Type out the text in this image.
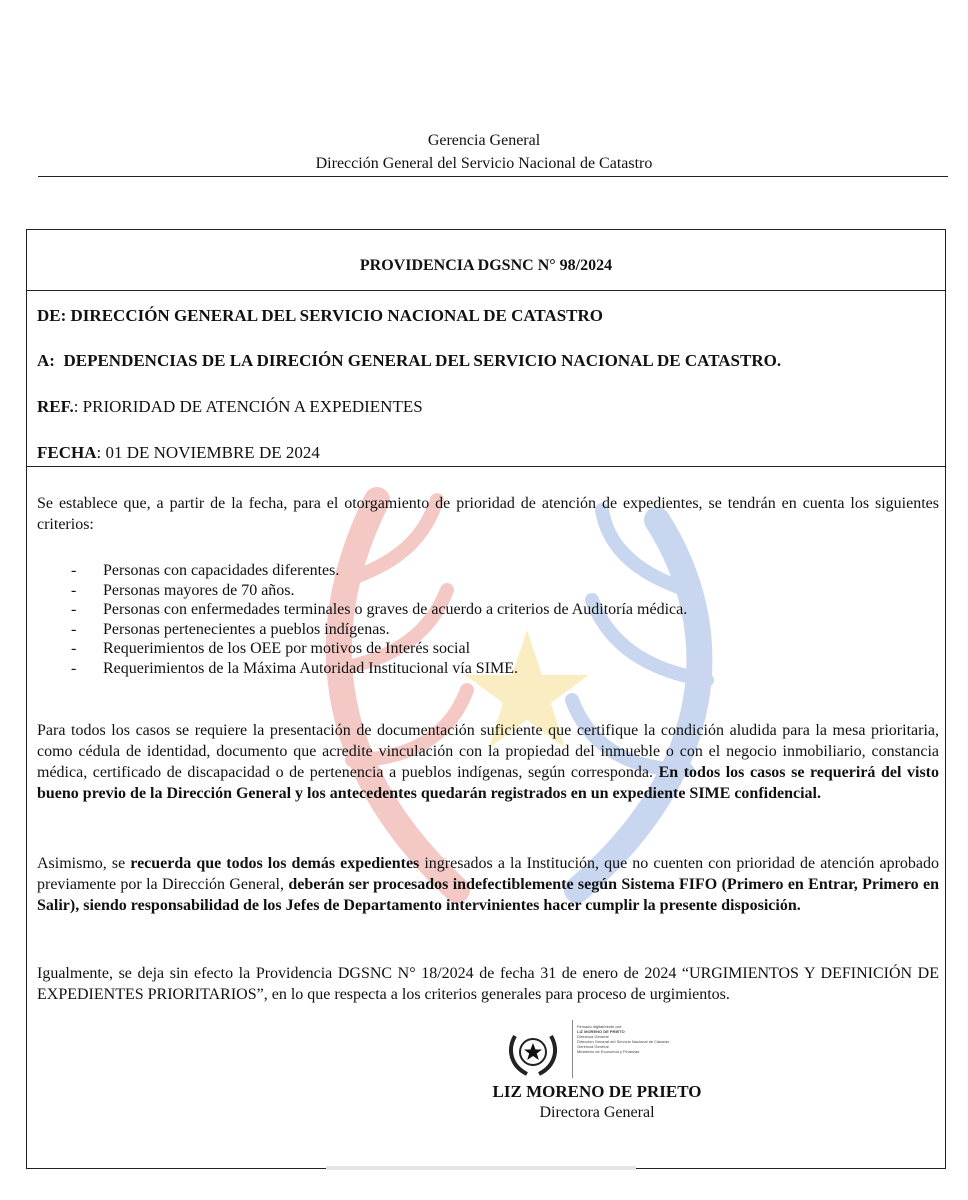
Gerencia General
Dirección General del Servicio Nacional de Catastro
PROVIDENCIA DGSNC N° 98/2024
DE: DIRECCIÓN GENERAL DEL SERVICIO NACIONAL DE CATASTRO
A: DEPENDENCIAS DE LA DIRECIÓN GENERAL DEL SERVICIO NACIONAL DE CATASTRO.
REF.: PRIORIDAD DE ATENCIÓN A EXPEDIENTES
FECHA: 01 DE NOVIEMBRE DE 2024
Se establece que, a partir de la fecha, para el otorgamiento de prioridad de atención de expedientes, se tendrán en cuenta los siguientes criterios:
- Personas con capacidades diferentes.
- Personas mayores de 70 años.
- Personas con enfermedades terminales o graves de acuerdo a criterios de Auditoría médica.
- Personas pertenecientes a pueblos indígenas.
- Requerimientos de los OEE por motivos de Interés social
- Requerimientos de la Máxima Autoridad Institucional vía SIME.
Para todos los casos se requiere la presentación de documentación suficiente que certifique la condición aludida para la mesa prioritaria, como cédula de identidad, documento que acredite vinculación con la propiedad del inmueble o con el negocio inmobiliario, constancia médica, certificado de discapacidad o de pertenencia a pueblos indígenas, según corresponda. En todos los casos se requerirá del visto bueno previo de la Dirección General y los antecedentes quedarán registrados en un expediente SIME confidencial.
Asimismo, se recuerda que todos los demás expedientes ingresados a la Institución, que no cuenten con prioridad de atención aprobado previamente por la Dirección General, deberán ser procesados indefectiblemente según Sistema FIFO (Primero en Entrar, Primero en Salir), siendo responsabilidad de los Jefes de Departamento intervinientes hacer cumplir la presente disposición.
Igualmente, se deja sin efecto la Providencia DGSNC N° 18/2024 de fecha 31 de enero de 2024 “URGIMIENTOS Y DEFINICIÓN DE EXPEDIENTES PRIORITARIOS”, en lo que respecta a los criterios generales para proceso de urgimientos.
Firmado digitalmente por:
LIZ MORENO DE PRIETO
Directora General
Dirección General del Servicio Nacional de Catastro
Gerencia General
Ministerio de Economía y Finanzas
LIZ MORENO DE PRIETO
Directora General
